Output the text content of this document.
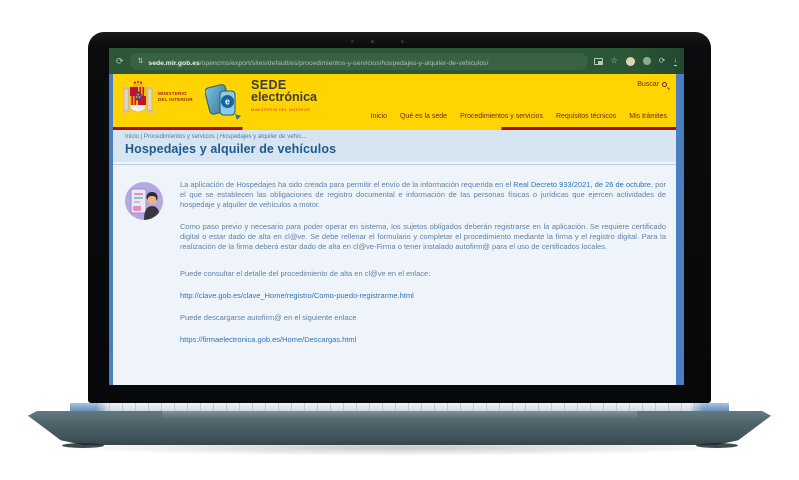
⟳ ⇅ sede.mir.gob.es/opencms/export/sites/default/es/procedimientos-y-servicios/hospedajes-y-alquiler-de-vehiculos/	☆	⟳ ↓
MINISTERIO
DEL INTERIOR	e
SEDE
electrónica
MINISTERIO DEL INTERIOR
Buscar
Inicio Qué es la sede Procedimientos y servicios Requisitos técnicos Mis trámites
Inicio | Procedimientos y servicios | Hospedajes y alquiler de vehíc...
Hospedajes y alquiler de vehículos

La aplicación de Hospedajes ha sido creada para permitir el envío de la información requerida en el Real Decreto 933/2021, de 26 de octubre, por el que se establecen las obligaciones de registro documental e información de las personas físicas o jurídicas que ejercen actividades de hospedaje y alquiler de vehículos a motor.

Como paso previo y necesario para poder operar en sistema, los sujetos obligados deberán registrarse en la aplicación. Se requiere certificado digital o estar dado de alta en cl@ve. Se debe rellenar el formulario y completar el procedimiento mediante la firma y el registro digital. Para la realización de la firma deberá estar dado de alta en cl@ve-Firma o tener instalado autofirm@ para el uso de certificados locales.

Puede consultar el detalle del procedimiento de alta en cl@ve en el enlace:

http://clave.gob.es/clave_Home/registro/Como-puedo-registrarme.html

Puede descargarse autofirm@ en el siguiente enlace

https://firmaelectronica.gob.es/Home/Descargas.html
